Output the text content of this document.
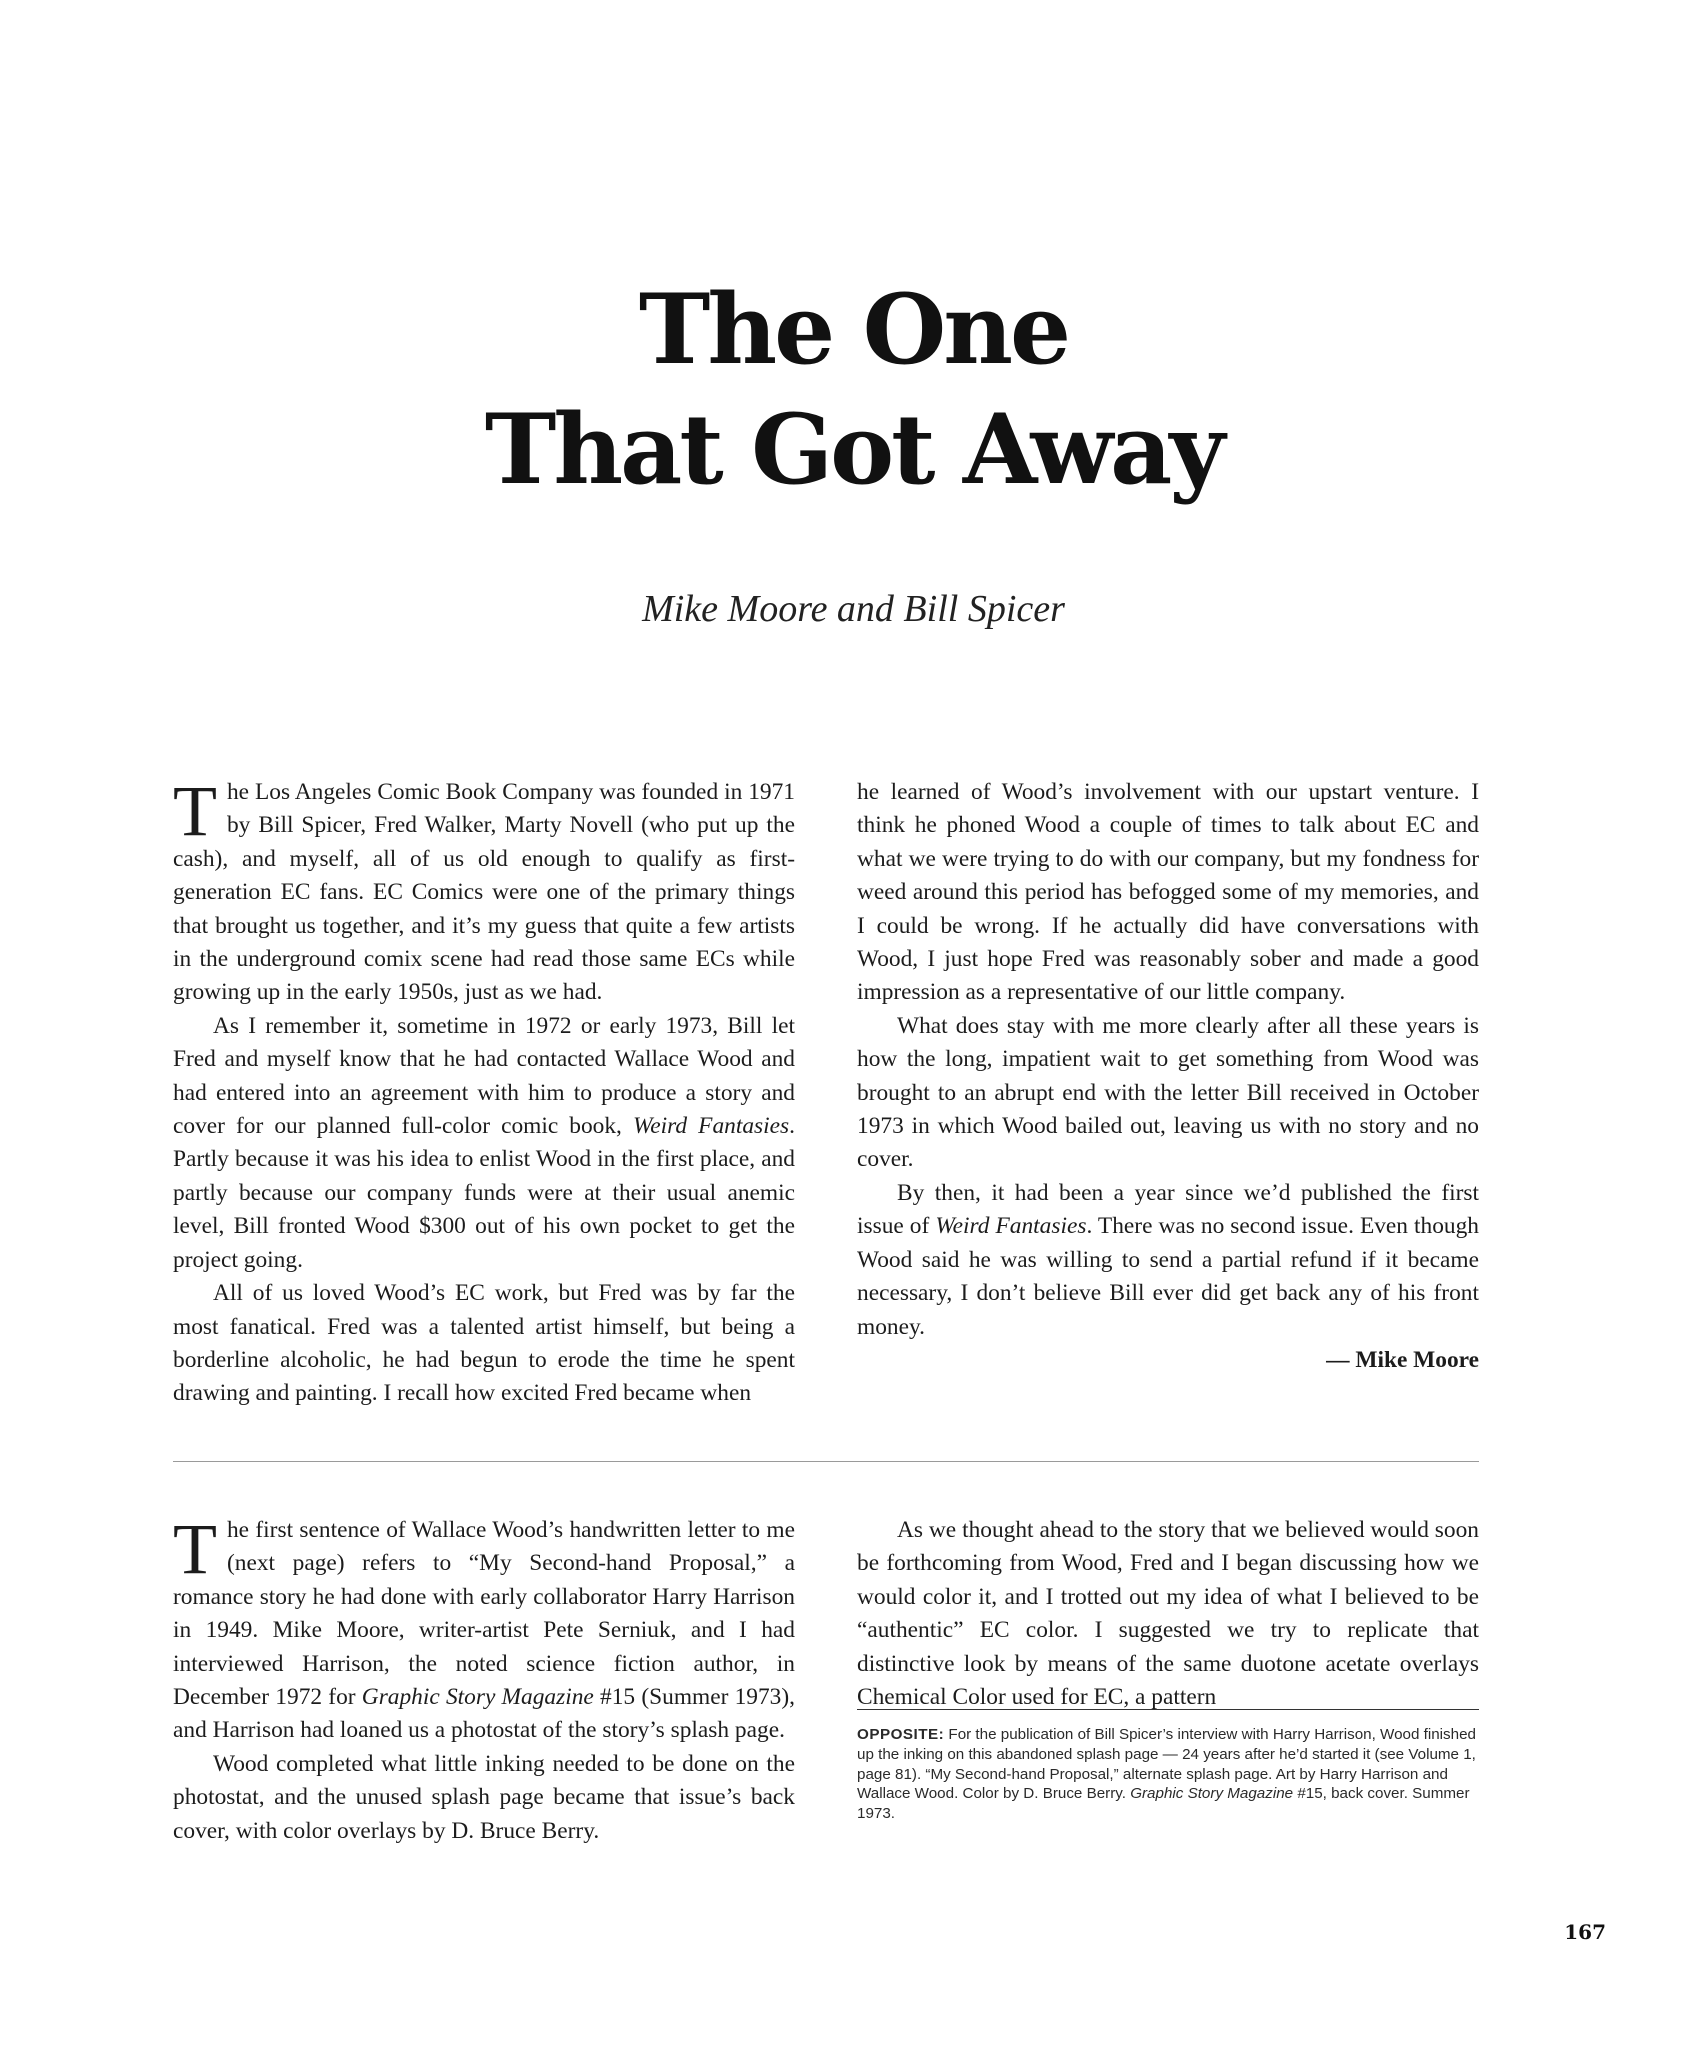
The One
That Got Away

Mike Moore and Bill Spicer

The Los Angeles Comic Book Company was founded in 1971 by Bill Spicer, Fred Walker, Marty Novell (who put up the cash), and myself, all of us old enough to qualify as first-generation EC fans. EC Comics were one of the primary things that brought us together, and it’s my guess that quite a few artists in the underground comix scene had read those same ECs while growing up in the early 1950s, just as we had.

As I remember it, sometime in 1972 or early 1973, Bill let Fred and myself know that he had contacted Wallace Wood and had entered into an agreement with him to produce a story and cover for our planned full-color comic book, Weird Fantasies. Partly because it was his idea to enlist Wood in the first place, and partly because our company funds were at their usual anemic level, Bill fronted Wood $300 out of his own pocket to get the project going.

All of us loved Wood’s EC work, but Fred was by far the most fanatical. Fred was a talented artist himself, but being a borderline alcoholic, he had begun to erode the time he spent drawing and painting. I recall how excited Fred became when

he learned of Wood’s involvement with our upstart venture. I think he phoned Wood a couple of times to talk about EC and what we were trying to do with our company, but my fondness for weed around this period has befogged some of my memories, and I could be wrong. If he actually did have conversations with Wood, I just hope Fred was reasonably sober and made a good impression as a representative of our little company.

What does stay with me more clearly after all these years is how the long, impatient wait to get something from Wood was brought to an abrupt end with the letter Bill received in October 1973 in which Wood bailed out, leaving us with no story and no cover.

By then, it had been a year since we’d published the first issue of Weird Fantasies. There was no second issue. Even though Wood said he was willing to send a partial refund if it became necessary, I don’t believe Bill ever did get back any of his front money.

— Mike Moore

The first sentence of Wallace Wood’s handwritten letter to me (next page) refers to “My Second-hand Proposal,” a romance story he had done with early collaborator Harry Harrison in 1949. Mike Moore, writer-artist Pete Serniuk, and I had interviewed Harrison, the noted science fiction author, in December 1972 for Graphic Story Magazine #15 (Summer 1973), and Harrison had loaned us a photostat of the story’s splash page.

Wood completed what little inking needed to be done on the photostat, and the unused splash page became that issue’s back cover, with color overlays by D. Bruce Berry.

As we thought ahead to the story that we believed would soon be forthcoming from Wood, Fred and I began discussing how we would color it, and I trotted out my idea of what I believed to be “authentic” EC color. I suggested we try to replicate that distinctive look by means of the same duotone acetate overlays Chemical Color used for EC, a pattern

OPPOSITE: For the publication of Bill Spicer’s interview with Harry Harrison, Wood finished up the inking on this abandoned splash page — 24 years after he’d started it (see Volume 1, page 81). “My Second-hand Proposal,” alternate splash page. Art by Harry Harrison and Wallace Wood. Color by D. Bruce Berry. Graphic Story Magazine #15, back cover. Summer 1973.

167
